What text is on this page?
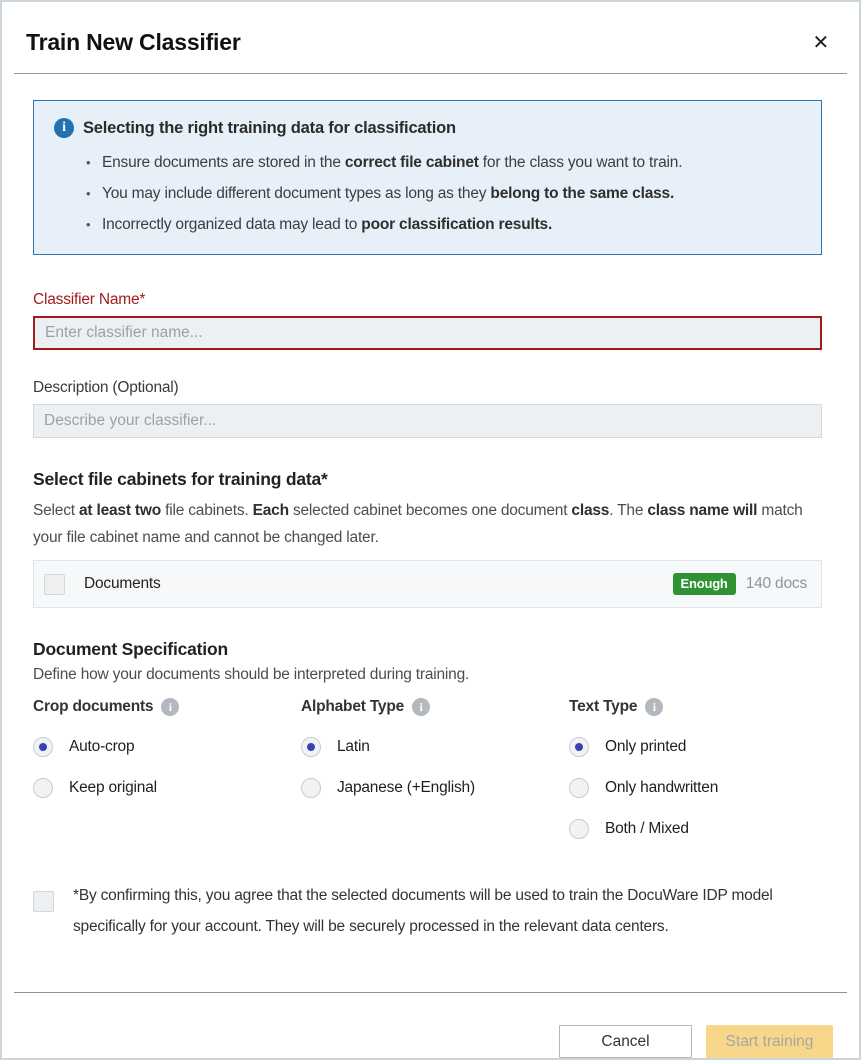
Train New Classifier	✕
i	Selecting the right training data for classification
• Ensure documents are stored in the correct file cabinet for the class you want to train.
• You may include different document types as long as they belong to the same class.
• Incorrectly organized data may lead to poor classification results.
Classifier Name*
Enter classifier name...
Description (Optional)
Describe your classifier...
Select file cabinets for training data*
Select at least two file cabinets. Each selected cabinet becomes one document class. The class name will match your file cabinet name and cannot be changed later.
Documents	Enough	140 docs
Document Specification
Define how your documents should be interpreted during training.
Crop documents	i
Auto-crop
Keep original
Alphabet Type	i
Latin
Japanese (+English)
Text Type	i
Only printed
Only handwritten
Both / Mixed
*By confirming this, you agree that the selected documents will be used to train the DocuWare IDP model specifically for your account. They will be securely processed in the relevant data centers.
Cancel	Start training
